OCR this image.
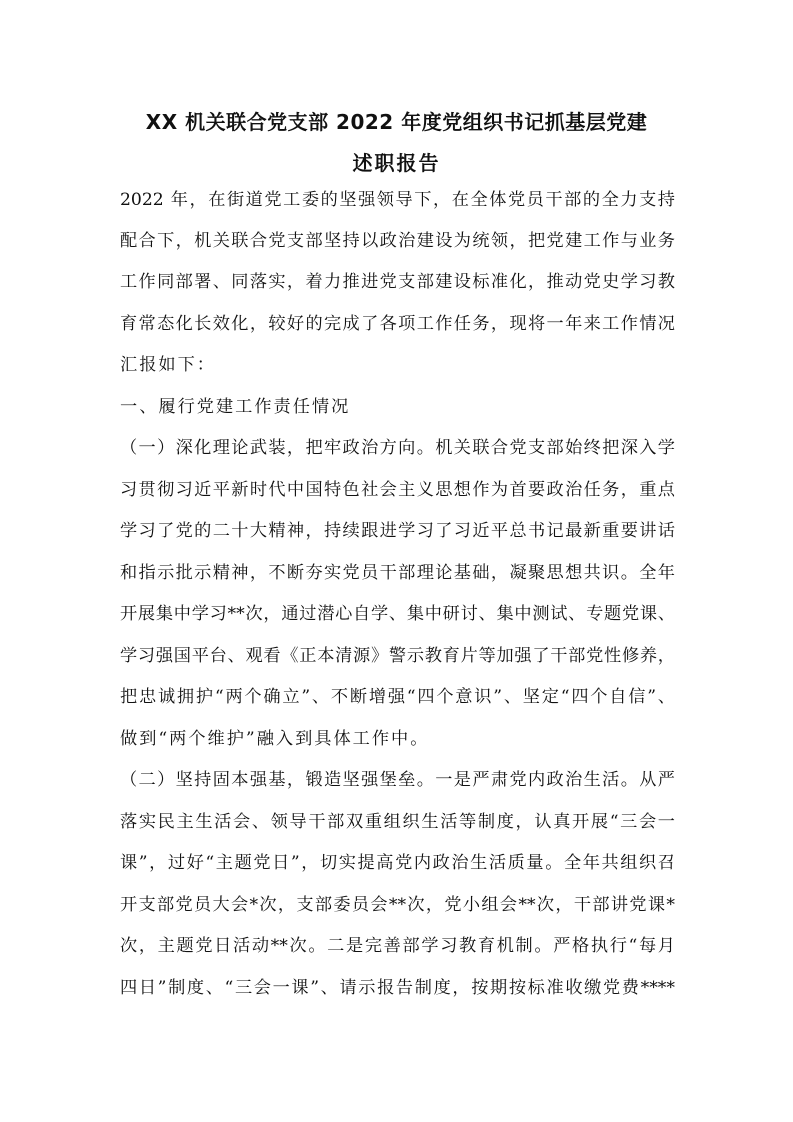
XX 机关联合党支部 2022 年度党组织书记抓基层党建
述职报告
2022 年，在街道党工委的坚强领导下，在全体党员干部的全力支持
配合下，机关联合党支部坚持以政治建设为统领，把党建工作与业务
工作同部署、同落实，着力推进党支部建设标准化，推动党史学习教
育常态化长效化，较好的完成了各项工作任务，现将一年来工作情况
汇报如下：
一、履行党建工作责任情况
（一）深化理论武装，把牢政治方向。机关联合党支部始终把深入学
习贯彻习近平新时代中国特色社会主义思想作为首要政治任务，重点
学习了党的二十大精神，持续跟进学习了习近平总书记最新重要讲话
和指示批示精神，不断夯实党员干部理论基础，凝聚思想共识。全年
开展集中学习**次，通过潜心自学、集中研讨、集中测试、专题党课、
学习强国平台、观看《正本清源》警示教育片等加强了干部党性修养，
把忠诚拥护“两个确立”、不断增强“四个意识”、坚定“四个自信”、
做到“两个维护”融入到具体工作中。
（二）坚持固本强基，锻造坚强堡垒。一是严肃党内政治生活。从严
落实民主生活会、领导干部双重组织生活等制度，认真开展“三会一
课”，过好“主题党日”，切实提高党内政治生活质量。全年共组织召
开支部党员大会*次，支部委员会**次，党小组会**次，干部讲党课*
次，主题党日活动**次。二是完善部学习教育机制。严格执行“每月
四日”制度、“三会一课”、请示报告制度，按期按标准收缴党费****
